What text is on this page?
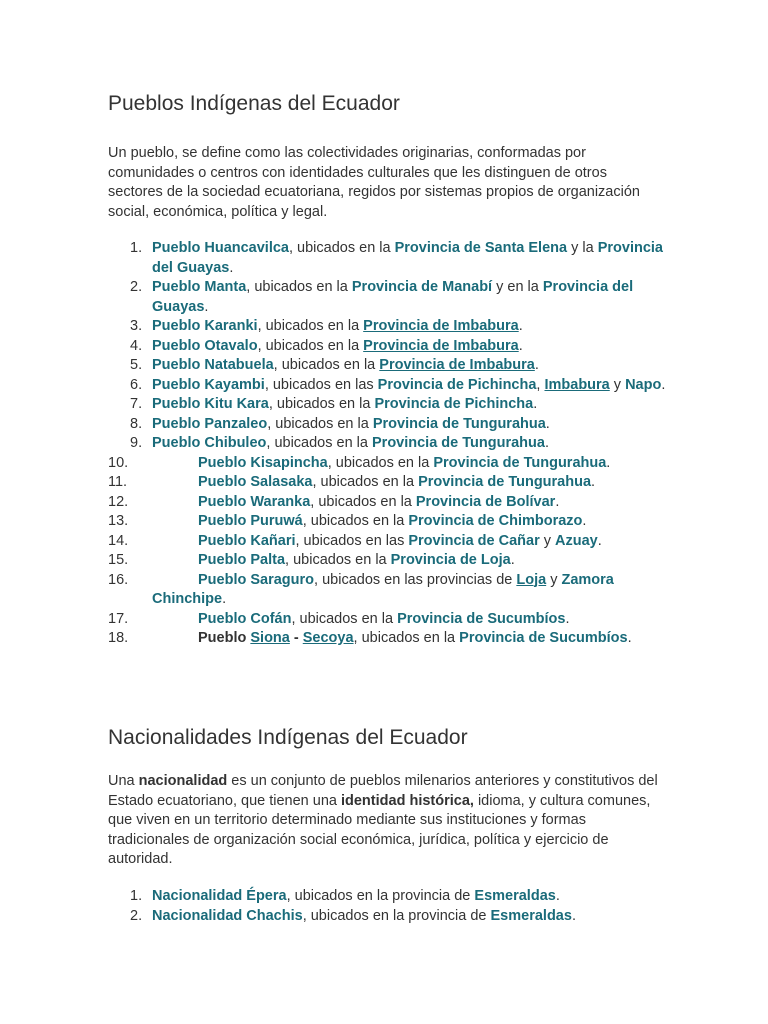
Pueblos Indígenas del Ecuador

Un pueblo, se define como las colectividades originarias, conformadas por comunidades o centros con identidades culturales que les distinguen de otros sectores de la sociedad ecuatoriana, regidos por sistemas propios de organización social, económica, política y legal.

1. Pueblo Huancavilca, ubicados en la Provincia de Santa Elena y la Provincia del Guayas.
2. Pueblo Manta, ubicados en la Provincia de Manabí y en la Provincia del Guayas.
3. Pueblo Karanki, ubicados en la Provincia de Imbabura.
4. Pueblo Otavalo, ubicados en la Provincia de Imbabura.
5. Pueblo Natabuela, ubicados en la Provincia de Imbabura.
6. Pueblo Kayambi, ubicados en las Provincia de Pichincha, Imbabura y Napo.
7. Pueblo Kitu Kara, ubicados en la Provincia de Pichincha.
8. Pueblo Panzaleo, ubicados en la Provincia de Tungurahua.
9. Pueblo Chibuleo, ubicados en la Provincia de Tungurahua.
10.	Pueblo Kisapincha, ubicados en la Provincia de Tungurahua.
11.	Pueblo Salasaka, ubicados en la Provincia de Tungurahua.
12.	Pueblo Waranka, ubicados en la Provincia de Bolívar.
13.	Pueblo Puruwá, ubicados en la Provincia de Chimborazo.
14.	Pueblo Kañari, ubicados en las Provincia de Cañar y Azuay.
15.	Pueblo Palta, ubicados en la Provincia de Loja.
16.	Pueblo Saraguro, ubicados en las provincias de Loja y Zamora Chinchipe.
17.	Pueblo Cofán, ubicados en la Provincia de Sucumbíos.
18.	Pueblo Siona - Secoya, ubicados en la Provincia de Sucumbíos.
Nacionalidades Indígenas del Ecuador

Una nacionalidad es un conjunto de pueblos milenarios anteriores y constitutivos del Estado ecuatoriano, que tienen una identidad histórica, idioma, y cultura comunes, que viven en un territorio determinado mediante sus instituciones y formas tradicionales de organización social económica, jurídica, política y ejercicio de autoridad.

1. Nacionalidad Épera, ubicados en la provincia de Esmeraldas.
2. Nacionalidad Chachis, ubicados en la provincia de Esmeraldas.
